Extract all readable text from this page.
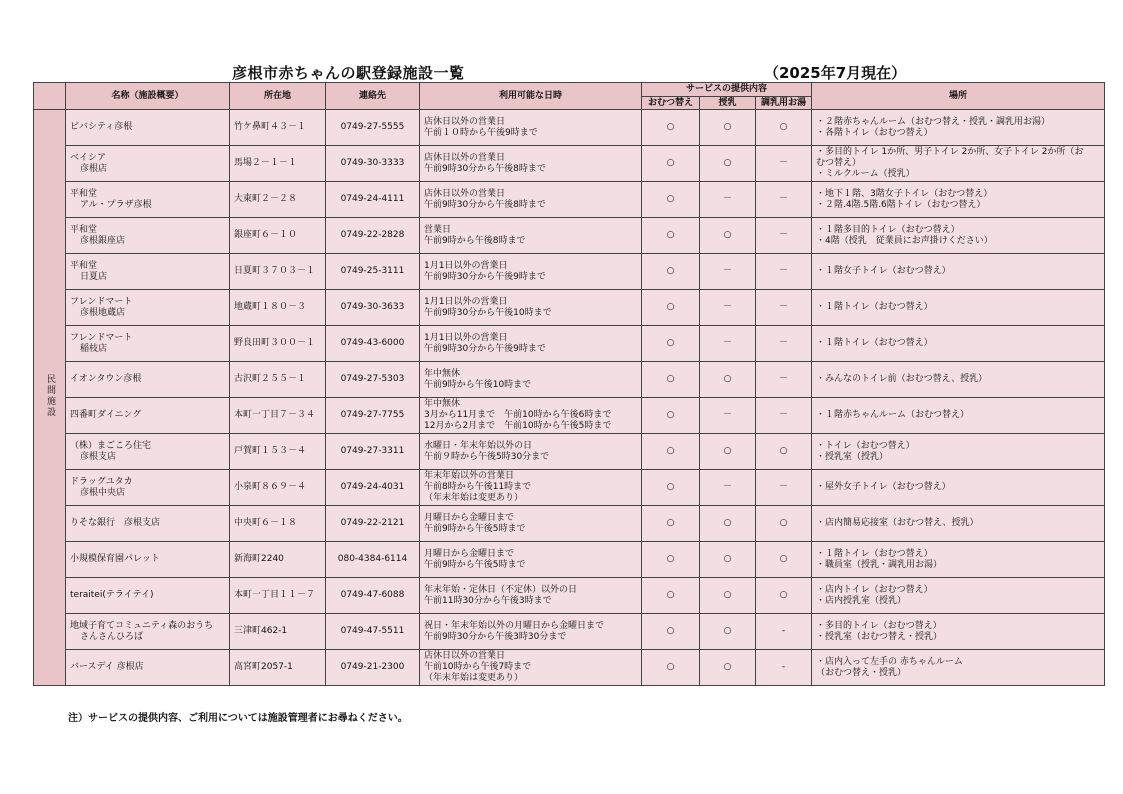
彦根市赤ちゃんの駅登録施設一覧	（2025年7月現在）
	名称（施設概要）	所在地	連絡先	利用可能な日時	サービスの提供内容			場所
					おむつ替え	授乳	調乳用お湯	
民間施設	ビバシティ彦根	竹ケ鼻町４３－１	0749-27-5555	店休日以外の営業日
午前１０時から午後9時まで	○	○	○	・２階赤ちゃんルーム（おむつ替え・授乳・調乳用お湯）
・各階トイレ（おむつ替え）

	ベイシア
彦根店	馬場２－１－１	0749-30-3333	店休日以外の営業日
午前9時30分から午後8時まで	○	○	－	・多目的トイレ 1か所、男子トイレ 2か所、女子トイレ 2か所（お
むつ替え）
・ミルクルーム（授乳）

	平和堂
アル・プラザ彦根	大東町２－２８	0749-24-4111	店休日以外の営業日
午前9時30分から午後8時まで	○	－	－	・地下１階、3階女子トイレ（おむつ替え）
・２階.4階.5階.6階トイレ（おむつ替え）

	平和堂
彦根銀座店	銀座町６－１０	0749-22-2828	営業日
午前9時から午後8時まで	○	○	－	・１階多目的トイレ（おむつ替え）
・4階（授乳　従業員にお声掛けください）

	平和堂
日夏店	日夏町３７０３－１	0749-25-3111	1月1日以外の営業日
午前9時30分から午後9時まで	○	－	－	・１階女子トイレ（おむつ替え）

	フレンドマート
彦根地蔵店	地蔵町１８０－３	0749-30-3633	1月1日以外の営業日
午前9時30分から午後10時まで	○	－	－	・１階トイレ（おむつ替え）

	フレンドマート
稲枝店	野良田町３００－１	0749-43-6000	1月1日以外の営業日
午前9時30分から午後9時まで	○	－	－	・１階トイレ（おむつ替え）

	イオンタウン彦根	古沢町２５５－１	0749-27-5303	年中無休
午前9時から午後10時まで	○	○	－	・みんなのトイレ前（おむつ替え、授乳）

	四番町ダイニング	本町一丁目７－３４	0749-27-7755	年中無休
3月から11月まで　午前10時から午後6時まで
12月から2月まで　午前10時から午後5時まで	○	－	－	・１階赤ちゃんルーム（おむつ替え）

	（株）まごころ住宅
彦根支店	戸賀町１５３－４	0749-27-3311	水曜日・年末年始以外の日
午前９時から午後5時30分まで	○	○	○	・トイレ（おむつ替え）
・授乳室（授乳）

	ドラッグユタカ
彦根中央店	小泉町８６９－４	0749-24-4031	年末年始以外の営業日
午前8時から午後11時まで
（年末年始は変更あり）	○	－	－	・屋外女子トイレ（おむつ替え）

	りそな銀行　彦根支店	中央町６－１８	0749-22-2121	月曜日から金曜日まで
午前9時から午後5時まで	○	○	○	・店内簡易応接室（おむつ替え、授乳）

	小規模保育園パレット	新海町2240	080-4384-6114	月曜日から金曜日まで
午前9時から午後5時まで	○	○	○	・１階トイレ（おむつ替え）
・職員室（授乳・調乳用お湯）

	teraitei(テライテイ)	本町一丁目１１－７	0749-47-6088	年末年始・定休日（不定休）以外の日
午前11時30分から午後3時まで	○	○	○	・店内トイレ（おむつ替え）
・店内授乳室（授乳）

	地域子育てコミュニティ森のおうち
さんさんひろば	三津町462-1	0749-47-5511	祝日・年末年始以外の月曜日から金曜日まで
午前9時30分から午後3時30分まで	○	○	-	・多目的トイレ（おむつ替え）
・授乳室（おむつ替え・授乳）

	バースデイ 彦根店	高宮町2057-1	0749-21-2300	店休日以外の営業日
午前10時から午後7時まで
（年末年始は変更あり）	○	○	-	・店内入って左手の 赤ちゃんルーム
（おむつ替え・授乳）
注）サービスの提供内容、ご利用については施設管理者にお尋ねください。
